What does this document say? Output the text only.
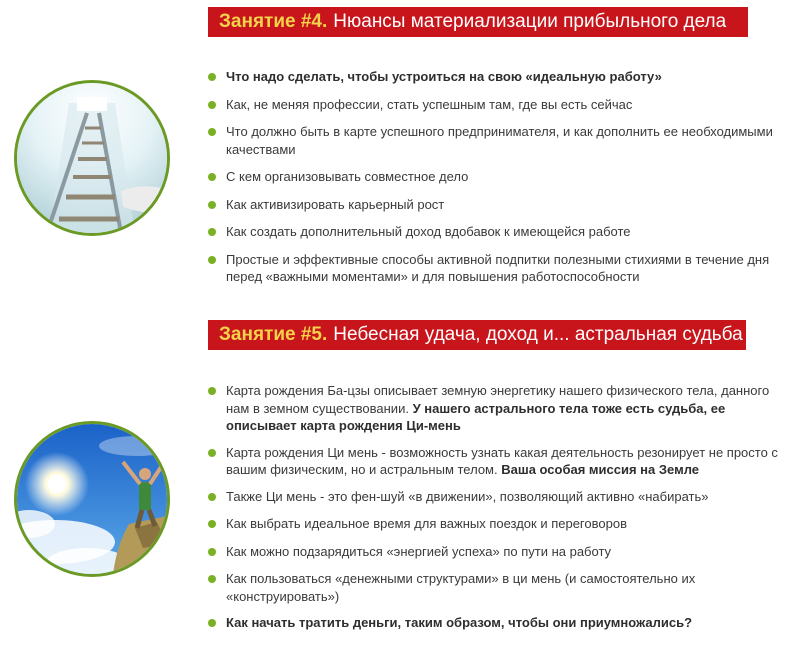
Занятие #4. Нюансы материализации прибыльного дела
Что надо сделать, чтобы устроиться на свою «идеальную работу»
Как, не меняя профессии, стать успешным там, где вы есть сейчас
Что должно быть в карте успешного предпринимателя, и как дополнить ее необходимыми качествами
С кем организовывать совместное дело
Как активизировать карьерный рост
Как создать дополнительный доход вдобавок к имеющейся работе
Простые и эффективные способы активной подпитки полезными стихиями в течение дня перед «важными моментами» и для повышения работоспособности
Занятие #5. Небесная удача, доход и... астральная судьба
Карта рождения Ба-цзы описывает земную энергетику нашего физического тела, данного нам в земном существовании. У нашего астрального тела тоже есть судьба, ее описывает карта рождения Ци-мень
Карта рождения Ци мень - возможность узнать какая деятельность резонирует не просто с вашим физическим, но и астральным телом. Ваша особая миссия на Земле
Также Ци мень - это фен-шуй «в движении», позволяющий активно «набирать»
Как выбрать идеальное время для важных поездок и переговоров
Как можно подзарядиться «энергией успеха» по пути на работу
Как пользоваться «денежными структурами» в ци мень (и самостоятельно их «конструировать»)
Как начать тратить деньги, таким образом, чтобы они приумножались?
